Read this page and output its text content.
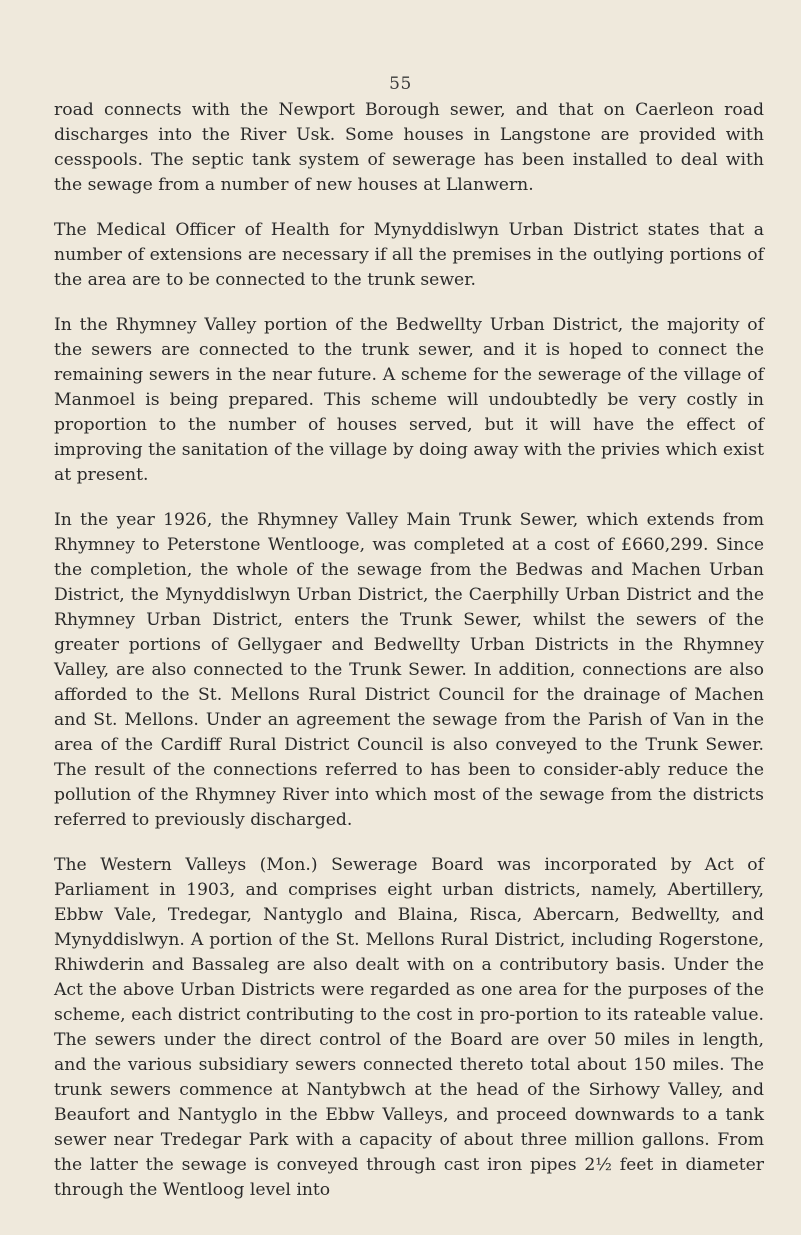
55

road connects with the Newport Borough sewer, and that on Caerleon road discharges into the River Usk. Some houses in Langstone are provided with cesspools. The septic tank system of sewerage has been installed to deal with the sewage from a number of new houses at Llanwern.

The Medical Officer of Health for Mynyddislwyn Urban District states that a number of extensions are necessary if all the premises in the outlying portions of the area are to be connected to the trunk sewer.

In the Rhymney Valley portion of the Bedwellty Urban District, the majority of the sewers are connected to the trunk sewer, and it is hoped to connect the remaining sewers in the near future. A scheme for the sewerage of the village of Manmoel is being prepared. This scheme will undoubtedly be very costly in proportion to the number of houses served, but it will have the effect of improving the sanitation of the village by doing away with the privies which exist at present.

In the year 1926, the Rhymney Valley Main Trunk Sewer, which extends from Rhymney to Peterstone Wentlooge, was completed at a cost of £660,299. Since the completion, the whole of the sewage from the Bedwas and Machen Urban District, the Mynyddislwyn Urban District, the Caerphilly Urban District and the Rhymney Urban District, enters the Trunk Sewer, whilst the sewers of the greater portions of Gellygaer and Bedwellty Urban Districts in the Rhymney Valley, are also connected to the Trunk Sewer. In addition, connections are also afforded to the St. Mellons Rural District Council for the drainage of Machen and St. Mellons. Under an agreement the sewage from the Parish of Van in the area of the Cardiff Rural District Council is also conveyed to the Trunk Sewer. The result of the connections referred to has been to consider-ably reduce the pollution of the Rhymney River into which most of the sewage from the districts referred to previously discharged.

The Western Valleys (Mon.) Sewerage Board was incorporated by Act of Parliament in 1903, and comprises eight urban districts, namely, Abertillery, Ebbw Vale, Tredegar, Nantyglo and Blaina, Risca, Abercarn, Bedwellty, and Mynyddislwyn. A portion of the St. Mellons Rural District, including Rogerstone, Rhiwderin and Bassaleg are also dealt with on a contributory basis. Under the Act the above Urban Districts were regarded as one area for the purposes of the scheme, each district contributing to the cost in pro-portion to its rateable value. The sewers under the direct control of the Board are over 50 miles in length, and the various subsidiary sewers connected thereto total about 150 miles. The trunk sewers commence at Nantybwch at the head of the Sirhowy Valley, and Beaufort and Nantyglo in the Ebbw Valleys, and proceed downwards to a tank sewer near Tredegar Park with a capacity of about three million gallons. From the latter the sewage is conveyed through cast iron pipes 2½ feet in diameter through the Wentloog level into
